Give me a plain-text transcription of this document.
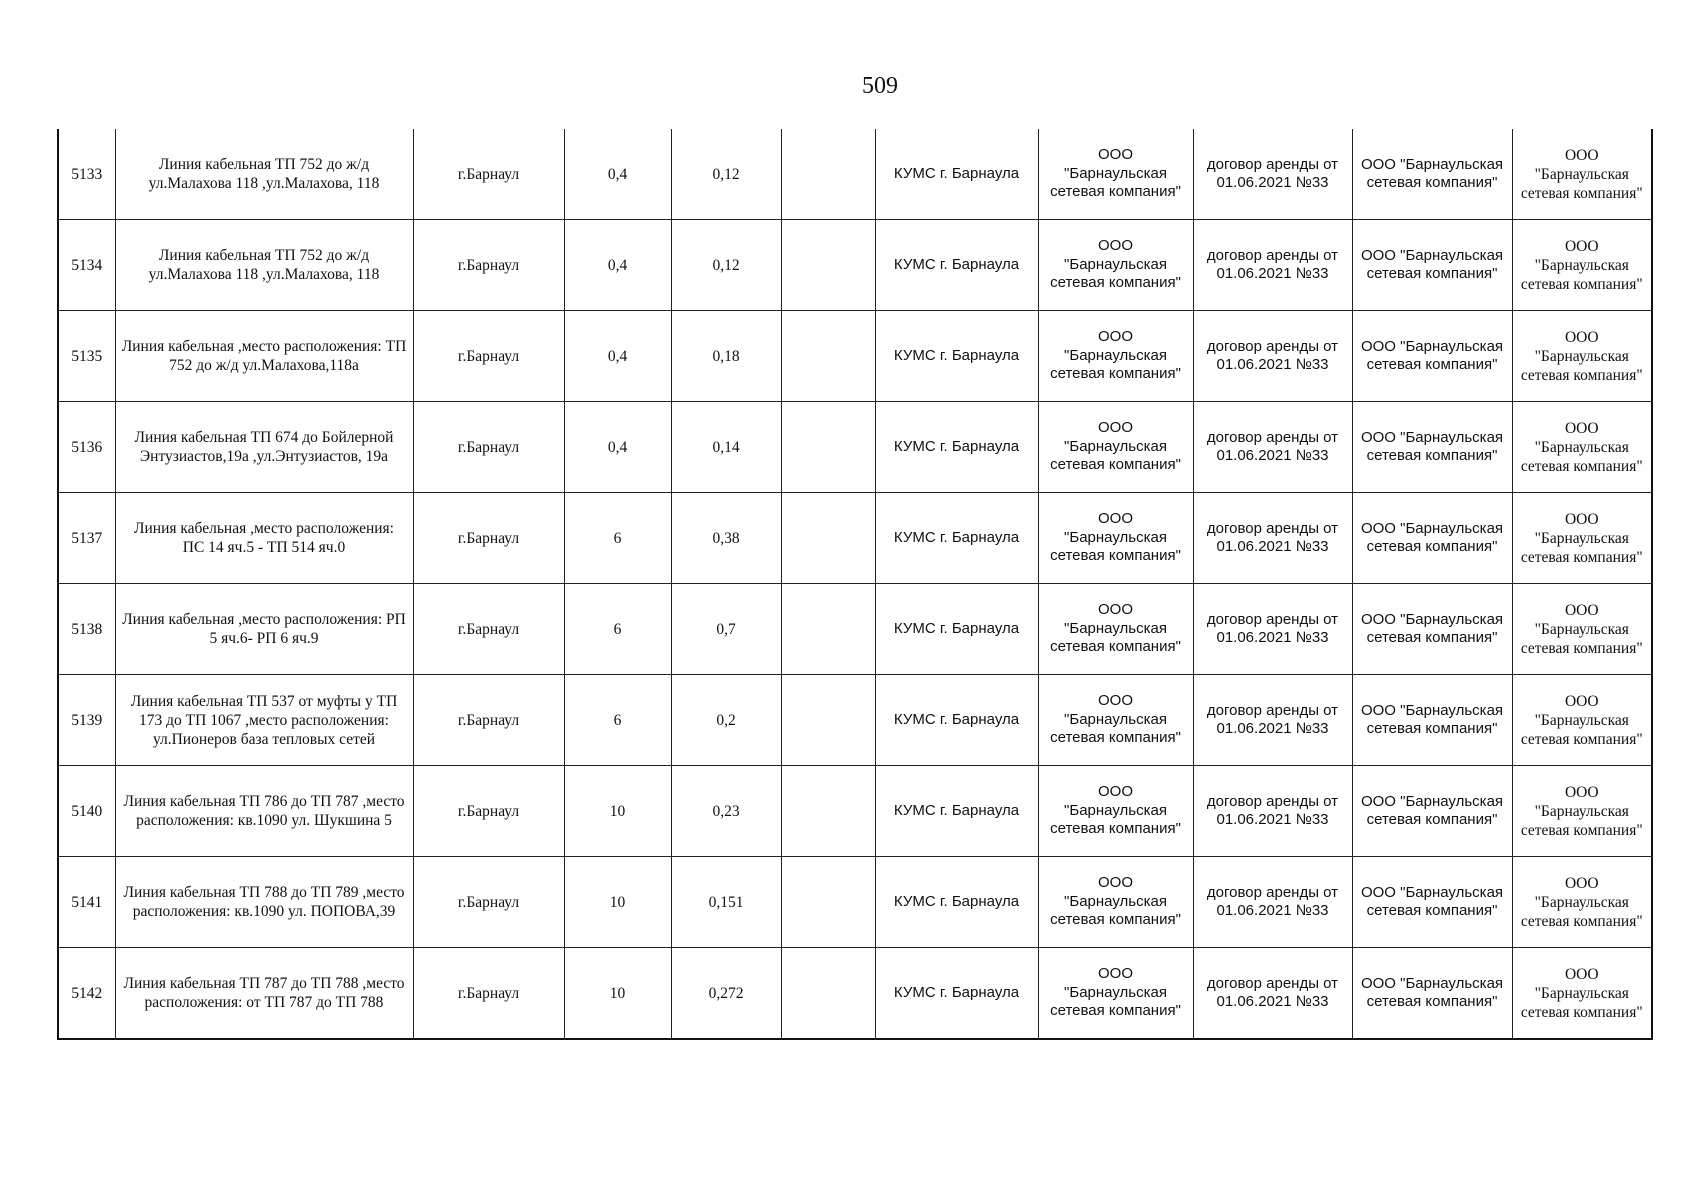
509
5133	Линия кабельная ТП 752 до ж/д ул.Малахова 118 ,ул.Малахова, 118	г.Барнаул	0,4	0,12		КУМС г. Барнаула	ООО "Барнаульская сетевая компания"	договор аренды от 01.06.2021 №33	ООО "Барнаульская сетевая компания"	ООО "Барнаульская сетевая компания"
5134	Линия кабельная ТП 752 до ж/д ул.Малахова 118 ,ул.Малахова, 118	г.Барнаул	0,4	0,12		КУМС г. Барнаула	ООО "Барнаульская сетевая компания"	договор аренды от 01.06.2021 №33	ООО "Барнаульская сетевая компания"	ООО "Барнаульская сетевая компания"
5135	Линия кабельная ,место расположения: ТП 752 до ж/д ул.Малахова,118а	г.Барнаул	0,4	0,18		КУМС г. Барнаула	ООО "Барнаульская сетевая компания"	договор аренды от 01.06.2021 №33	ООО "Барнаульская сетевая компания"	ООО "Барнаульская сетевая компания"
5136	Линия кабельная ТП 674 до Бойлерной Энтузиастов,19а ,ул.Энтузиастов, 19а	г.Барнаул	0,4	0,14		КУМС г. Барнаула	ООО "Барнаульская сетевая компания"	договор аренды от 01.06.2021 №33	ООО "Барнаульская сетевая компания"	ООО "Барнаульская сетевая компания"
5137	Линия кабельная ,место расположения: ПС 14 яч.5 - ТП 514 яч.0	г.Барнаул	6	0,38		КУМС г. Барнаула	ООО "Барнаульская сетевая компания"	договор аренды от 01.06.2021 №33	ООО "Барнаульская сетевая компания"	ООО "Барнаульская сетевая компания"
5138	Линия кабельная ,место расположения: РП 5 яч.6- РП 6 яч.9	г.Барнаул	6	0,7		КУМС г. Барнаула	ООО "Барнаульская сетевая компания"	договор аренды от 01.06.2021 №33	ООО "Барнаульская сетевая компания"	ООО "Барнаульская сетевая компания"
5139	Линия кабельная ТП 537 от муфты у ТП 173 до ТП 1067 ,место расположения: ул.Пионеров база тепловых сетей	г.Барнаул	6	0,2		КУМС г. Барнаула	ООО "Барнаульская сетевая компания"	договор аренды от 01.06.2021 №33	ООО "Барнаульская сетевая компания"	ООО "Барнаульская сетевая компания"
5140	Линия кабельная ТП 786 до ТП 787 ,место расположения: кв.1090 ул. Шукшина 5	г.Барнаул	10	0,23		КУМС г. Барнаула	ООО "Барнаульская сетевая компания"	договор аренды от 01.06.2021 №33	ООО "Барнаульская сетевая компания"	ООО "Барнаульская сетевая компания"
5141	Линия кабельная ТП 788 до ТП 789 ,место расположения: кв.1090 ул. ПОПОВА,39	г.Барнаул	10	0,151		КУМС г. Барнаула	ООО "Барнаульская сетевая компания"	договор аренды от 01.06.2021 №33	ООО "Барнаульская сетевая компания"	ООО "Барнаульская сетевая компания"
5142	Линия кабельная ТП 787 до ТП 788 ,место расположения: от ТП 787 до ТП 788	г.Барнаул	10	0,272		КУМС г. Барнаула	ООО "Барнаульская сетевая компания"	договор аренды от 01.06.2021 №33	ООО "Барнаульская сетевая компания"	ООО "Барнаульская сетевая компания"
